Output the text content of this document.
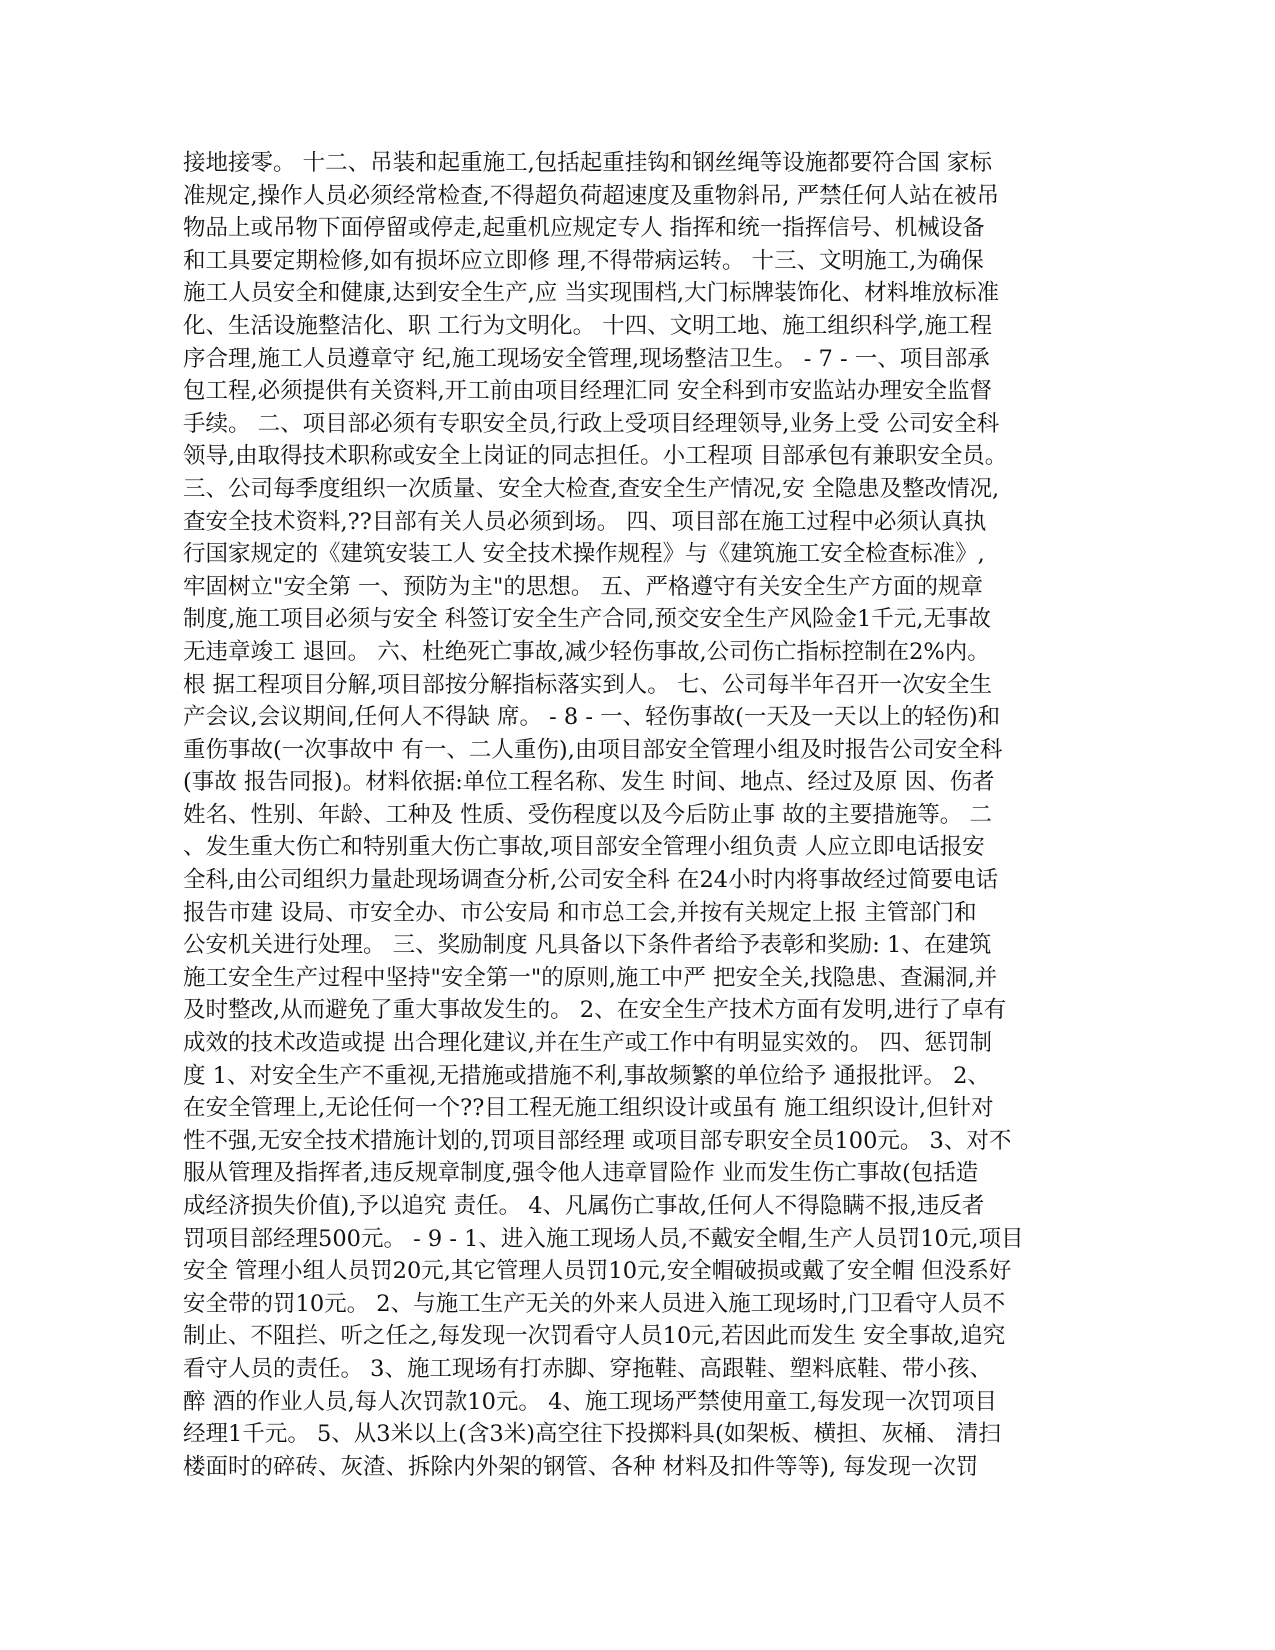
接地接零。 十二、吊装和起重施工,包括起重挂钩和钢丝绳等设施都要符合国 家标
准规定,操作人员必须经常检查,不得超负荷超速度及重物斜吊, 严禁任何人站在被吊
物品上或吊物下面停留或停走,起重机应规定专人 指挥和统一指挥信号、机械设备
和工具要定期检修,如有损坏应立即修 理,不得带病运转。 十三、文明施工,为确保
施工人员安全和健康,达到安全生产,应 当实现围档,大门标牌装饰化、材料堆放标准
化、生活设施整洁化、职 工行为文明化。 十四、文明工地、施工组织科学,施工程
序合理,施工人员遵章守 纪,施工现场安全管理,现场整洁卫生。 - 7 - 一、项目部承
包工程,必须提供有关资料,开工前由项目经理汇同 安全科到市安监站办理安全监督
手续。 二、项目部必须有专职安全员,行政上受项目经理领导,业务上受 公司安全科
领导,由取得技术职称或安全上岗证的同志担任。小工程项 目部承包有兼职安全员。
三、公司每季度组织一次质量、安全大检查,查安全生产情况,安 全隐患及整改情况,
查安全技术资料,??目部有关人员必须到场。 四、项目部在施工过程中必须认真执
行国家规定的《建筑安装工人 安全技术操作规程》与《建筑施工安全检查标准》,
牢固树立"安全第 一、预防为主"的思想。 五、严格遵守有关安全生产方面的规章
制度,施工项目必须与安全 科签订安全生产合同,预交安全生产风险金1千元,无事故
无违章竣工 退回。 六、杜绝死亡事故,减少轻伤事故,公司伤亡指标控制在2%内。
根 据工程项目分解,项目部按分解指标落实到人。 七、公司每半年召开一次安全生
产会议,会议期间,任何人不得缺 席。 - 8 - 一、轻伤事故(一天及一天以上的轻伤)和
重伤事故(一次事故中 有一、二人重伤),由项目部安全管理小组及时报告公司安全科
(事故 报告同报)。材料依据:单位工程名称、发生 时间、地点、经过及原 因、伤者
姓名、性别、年龄、工种及 性质、受伤程度以及今后防止事 故的主要措施等。 二
、发生重大伤亡和特别重大伤亡事故,项目部安全管理小组负责 人应立即电话报安
全科,由公司组织力量赴现场调查分析,公司安全科 在24小时内将事故经过简要电话
报告市建 设局、市安全办、市公安局 和市总工会,并按有关规定上报 主管部门和
公安机关进行处理。 三、奖励制度 凡具备以下条件者给予表彰和奖励: 1、在建筑
施工安全生产过程中坚持"安全第一"的原则,施工中严 把安全关,找隐患、查漏洞,并
及时整改,从而避免了重大事故发生的。 2、在安全生产技术方面有发明,进行了卓有
成效的技术改造或提 出合理化建议,并在生产或工作中有明显实效的。 四、惩罚制
度 1、对安全生产不重视,无措施或措施不利,事故频繁的单位给予 通报批评。 2、
在安全管理上,无论任何一个??目工程无施工组织设计或虽有 施工组织设计,但针对
性不强,无安全技术措施计划的,罚项目部经理 或项目部专职安全员100元。 3、对不
服从管理及指挥者,违反规章制度,强令他人违章冒险作 业而发生伤亡事故(包括造
成经济损失价值),予以追究 责任。 4、凡属伤亡事故,任何人不得隐瞒不报,违反者
罚项目部经理500元。 - 9 - 1、进入施工现场人员,不戴安全帽,生产人员罚10元,项目
安全 管理小组人员罚20元,其它管理人员罚10元,安全帽破损或戴了安全帽 但没系好
安全带的罚10元。 2、与施工生产无关的外来人员进入施工现场时,门卫看守人员不
制止、不阻拦、听之任之,每发现一次罚看守人员10元,若因此而发生 安全事故,追究
看守人员的责任。 3、施工现场有打赤脚、穿拖鞋、高跟鞋、塑料底鞋、带小孩、
醉 酒的作业人员,每人次罚款10元。 4、施工现场严禁使用童工,每发现一次罚项目
经理1千元。 5、从3米以上(含3米)高空往下投掷料具(如架板、横担、灰桶、 清扫
楼面时的碎砖、灰渣、拆除内外架的钢管、各种 材料及扣件等等), 每发现一次罚
